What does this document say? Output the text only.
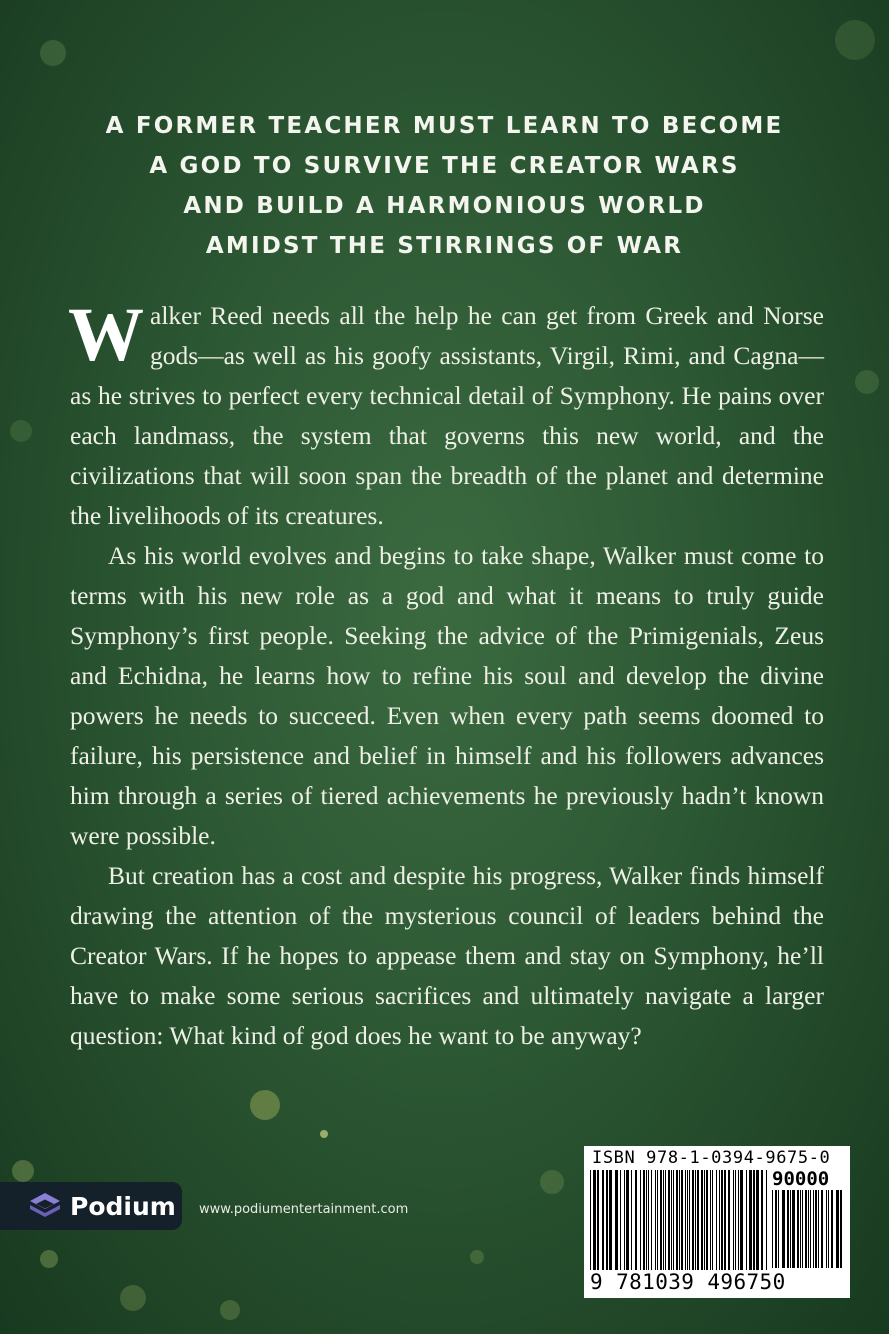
A FORMER TEACHER MUST LEARN TO BECOME
A GOD TO SURVIVE THE CREATOR WARS
AND BUILD A HARMONIOUS WORLD
AMIDST THE STIRRINGS OF WAR

Walker Reed needs all the help he can get from Greek and Norse gods—as well as his goofy assistants, Virgil, Rimi, and Cagna—as he strives to perfect every technical detail of Symphony. He pains over each landmass, the system that governs this new world, and the civilizations that will soon span the breadth of the planet and determine the livelihoods of its creatures.

As his world evolves and begins to take shape, Walker must come to terms with his new role as a god and what it means to truly guide Symphony’s first people. Seeking the advice of the Primigenials, Zeus and Echidna, he learns how to refine his soul and develop the divine powers he needs to succeed. Even when every path seems doomed to failure, his persistence and belief in himself and his followers advances him through a series of tiered achievements he previously hadn’t known were possible.

But creation has a cost and despite his progress, Walker finds himself drawing the attention of the mysterious council of leaders behind the Creator Wars. If he hopes to appease them and stay on Symphony, he’ll have to make some serious sacrifices and ultimately navigate a larger question: What kind of god does he want to be anyway?

Podium www.podiumentertainment.com
ISBN 978-1-0394-9675-0
90000
9 781039 496750
